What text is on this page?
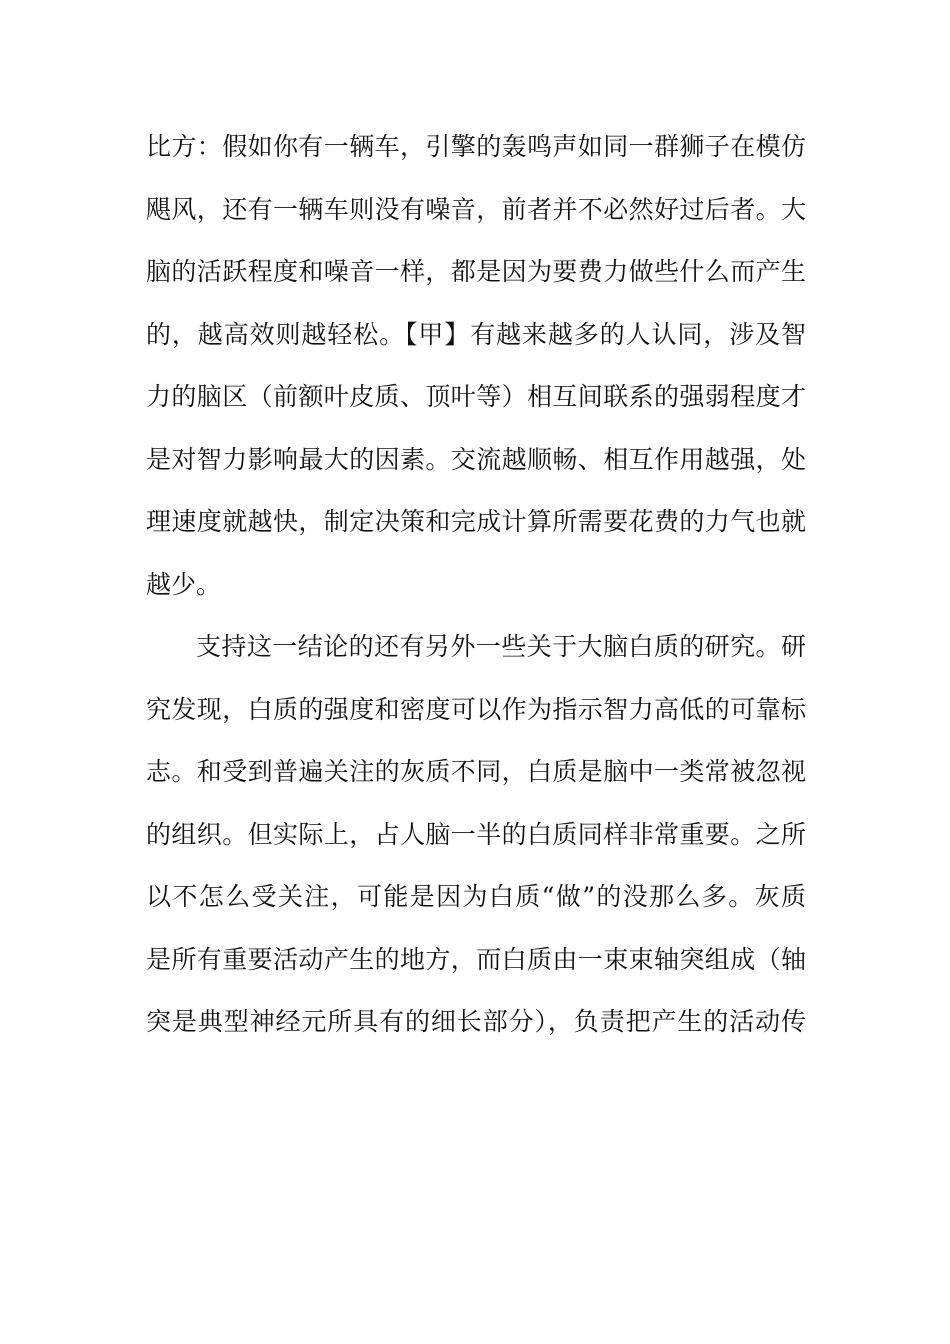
比方：假如你有一辆车，引擎的轰鸣声如同一群狮子在模仿
飓风，还有一辆车则没有噪音，前者并不必然好过后者。大
脑的活跃程度和噪音一样，都是因为要费力做些什么而产生
的，越高效则越轻松。【甲】有越来越多的人认同，涉及智
力的脑区（前额叶皮质、顶叶等）相互间联系的强弱程度才
是对智力影响最大的因素。交流越顺畅、相互作用越强，处
理速度就越快，制定决策和完成计算所需要花费的力气也就
越少。
支持这一结论的还有另外一些关于大脑白质的研究。研
究发现，白质的强度和密度可以作为指示智力高低的可靠标
志。和受到普遍关注的灰质不同，白质是脑中一类常被忽视
的组织。但实际上，占人脑一半的白质同样非常重要。之所
以不怎么受关注，可能是因为白质“做”的没那么多。灰质
是所有重要活动产生的地方，而白质由一束束轴突组成（轴
突是典型神经元所具有的细长部分），负责把产生的活动传
